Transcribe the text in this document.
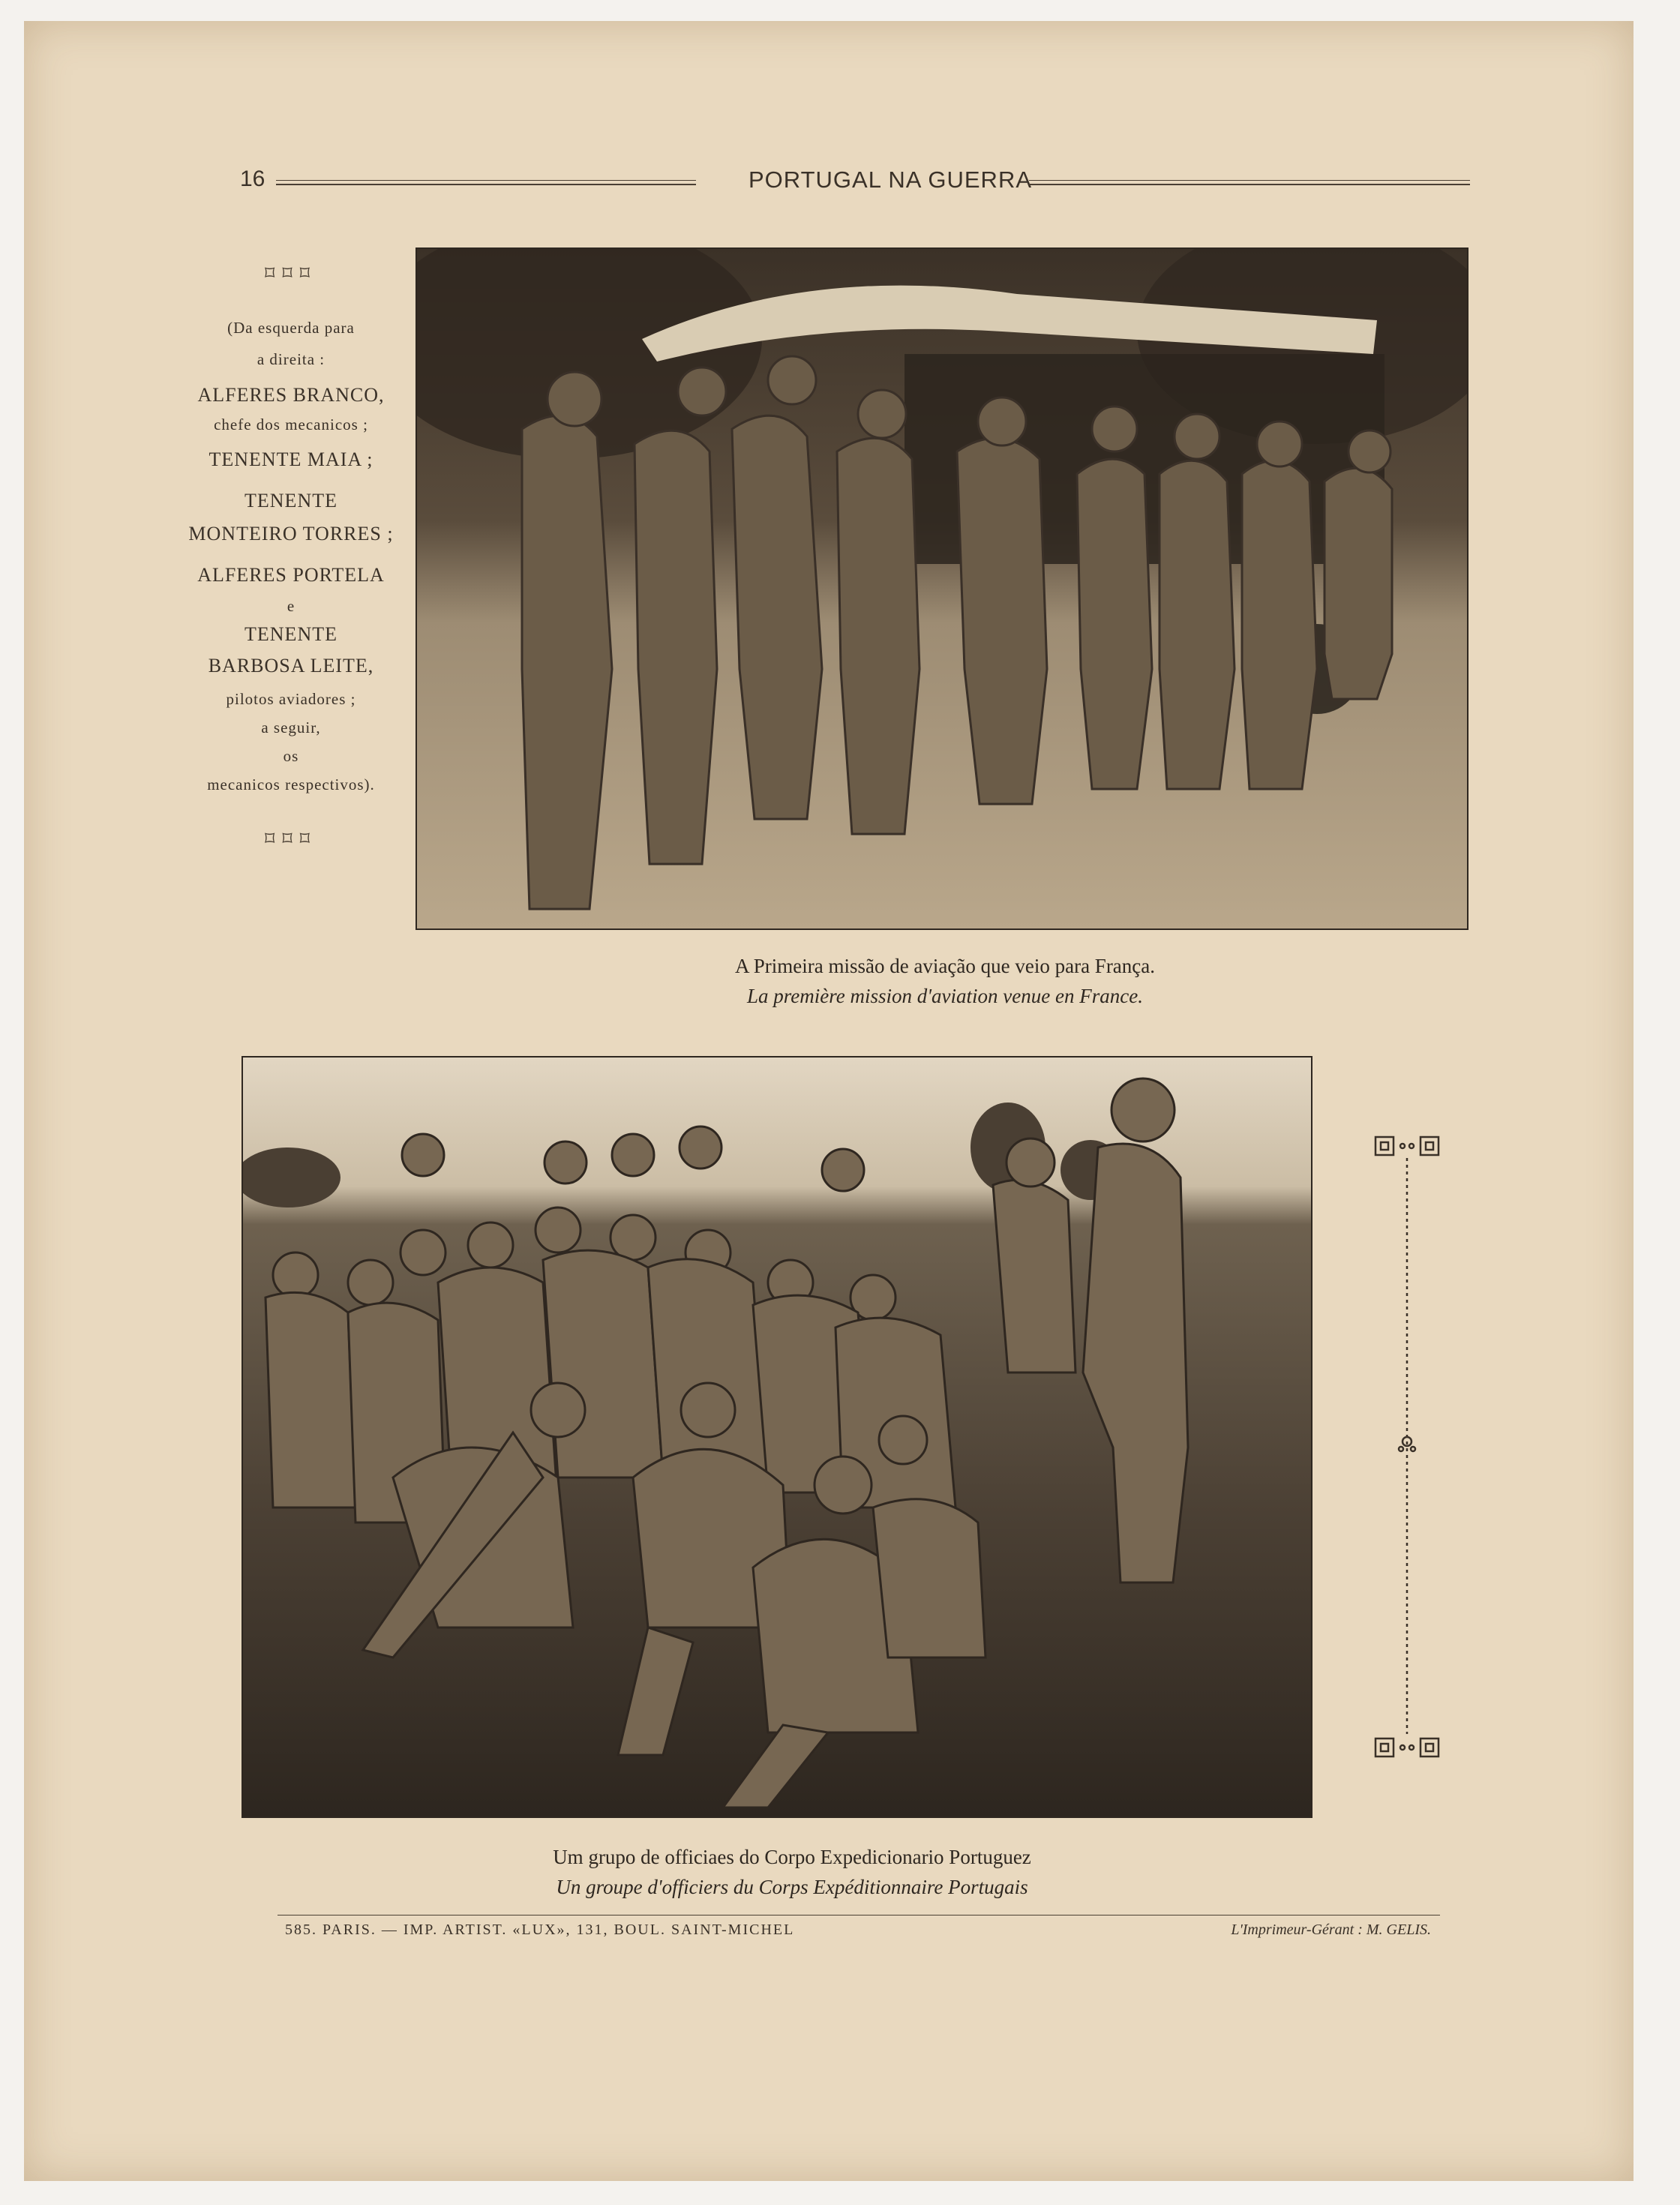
16	PORTUGAL NA GUERRA
⌑⌑⌑
(Da esquerda para
a direita :
ALFERES BRANCO,
chefe dos mecanicos ;
TENENTE MAIA ;
TENENTE
MONTEIRO TORRES ;
ALFERES PORTELA
e
TENENTE
BARBOSA LEITE,
pilotos aviadores ;
a seguir,
os
mecanicos respectivos).
⌑⌑⌑
A Primeira missão de aviação que veio para França.
La première mission d'aviation venue en France.
Um grupo de officiaes do Corpo Expedicionario Portuguez
Un groupe d'officiers du Corps Expéditionnaire Portugais
585. PARIS. — IMP. ARTIST. «LUX», 131, BOUL. SAINT-MICHEL	L'Imprimeur-Gérant : M. GELIS.
